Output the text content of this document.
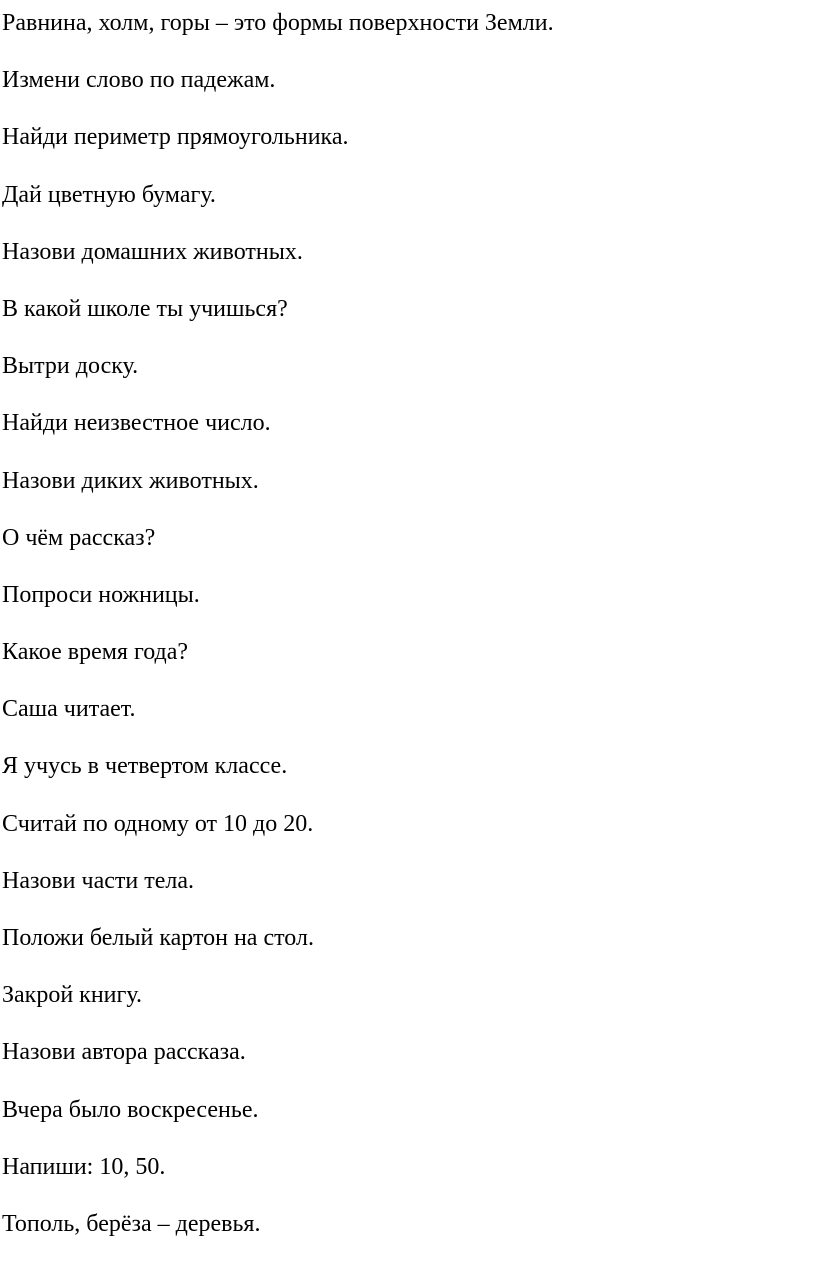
Равнина, холм, горы – это формы поверхности Земли.
Измени слово по падежам.
Найди периметр прямоугольника.
Дай цветную бумагу.
Назови домашних животных.
В какой школе ты учишься?
Вытри доску.
Найди неизвестное число.
Назови диких животных.
О чём рассказ?
Попроси ножницы.
Какое время года?
Саша читает.
Я учусь в четвертом классе.
Считай по одному от 10 до 20.
Назови части тела.
Положи белый картон на стол.
Закрой книгу.
Назови автора рассказа.
Вчера было воскресенье.
Напиши: 10, 50.
Тополь, берёза – деревья.
